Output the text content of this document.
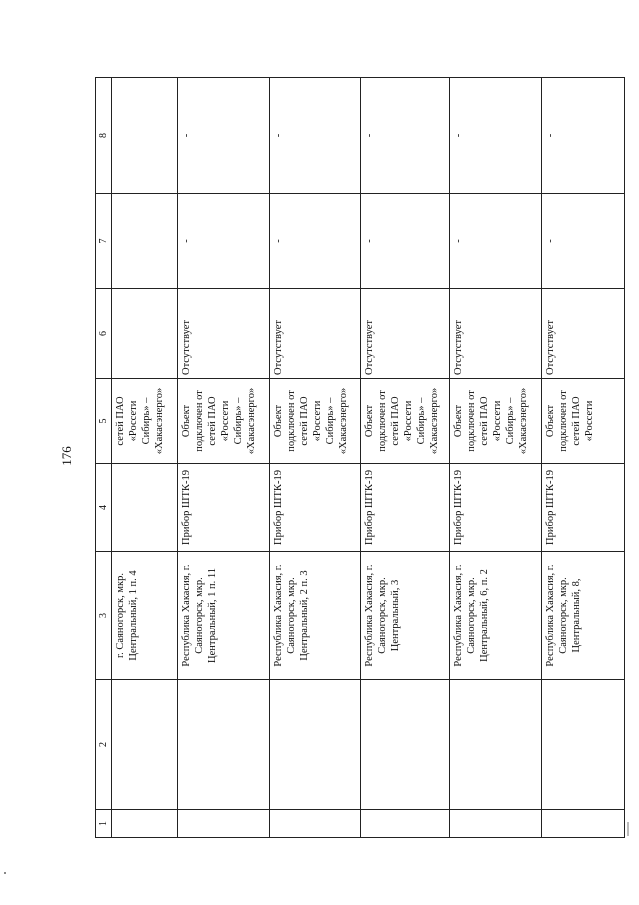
176
1	2	3	4	5	6	7	8
		г. Саяногорск, мкр. Центральный, 1 п. 4		сетей ПАО «Россети Сибирь» – «Хакасэнерго»			
		Республика Хакасия, г. Саяногорск, мкр. Центральный, 1 п. 11	Прибор ШТК-19	Объект подключен от сетей ПАО «Россети Сибирь» – «Хакасэнерго»	Отсутствует	-	-
		Республика Хакасия, г. Саяногорск, мкр. Центральный, 2 п. 3	Прибор ШТК-19	Объект подключен от сетей ПАО «Россети Сибирь» – «Хакасэнерго»	Отсутствует	-	-
		Республика Хакасия, г. Саяногорск, мкр. Центральный, 3	Прибор ШТК-19	Объект подключен от сетей ПАО «Россети Сибирь» – «Хакасэнерго»	Отсутствует	-	-
		Республика Хакасия, г. Саяногорск, мкр. Центральный, 6, п. 2	Прибор ШТК-19	Объект подключен от сетей ПАО «Россети Сибирь» – «Хакасэнерго»	Отсутствует	-	-
		Республика Хакасия, г. Саяногорск, мкр. Центральный, 8,	Прибор ШТК-19	Объект подключен от сетей ПАО «Россети	Отсутствует	-	-
